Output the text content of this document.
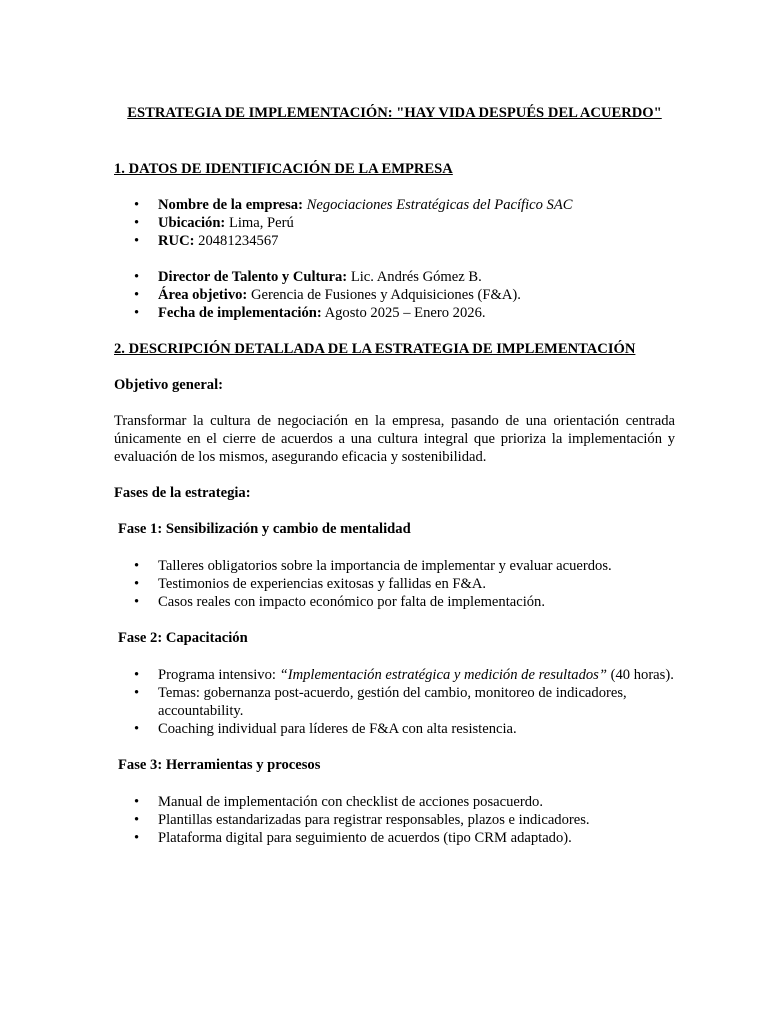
ESTRATEGIA DE IMPLEMENTACIÓN: "HAY VIDA DESPUÉS DEL ACUERDO"

1. DATOS DE IDENTIFICACIÓN DE LA EMPRESA

• Nombre de la empresa: Negociaciones Estratégicas del Pacífico SAC
• Ubicación: Lima, Perú
• RUC: 20481234567
• Director de Talento y Cultura: Lic. Andrés Gómez B.
• Área objetivo: Gerencia de Fusiones y Adquisiciones (F&A).
• Fecha de implementación: Agosto 2025 – Enero 2026.

2. DESCRIPCIÓN DETALLADA DE LA ESTRATEGIA DE IMPLEMENTACIÓN

Objetivo general:

Transformar la cultura de negociación en la empresa, pasando de una orientación centrada únicamente en el cierre de acuerdos a una cultura integral que prioriza la implementación y evaluación de los mismos, asegurando eficacia y sostenibilidad.

Fases de la estrategia:

Fase 1: Sensibilización y cambio de mentalidad

• Talleres obligatorios sobre la importancia de implementar y evaluar acuerdos.
• Testimonios de experiencias exitosas y fallidas en F&A.
• Casos reales con impacto económico por falta de implementación.

Fase 2: Capacitación

• Programa intensivo: “Implementación estratégica y medición de resultados” (40 horas).
• Temas: gobernanza post-acuerdo, gestión del cambio, monitoreo de indicadores, accountability.
• Coaching individual para líderes de F&A con alta resistencia.

Fase 3: Herramientas y procesos

• Manual de implementación con checklist de acciones posacuerdo.
• Plantillas estandarizadas para registrar responsables, plazos e indicadores.
• Plataforma digital para seguimiento de acuerdos (tipo CRM adaptado).
